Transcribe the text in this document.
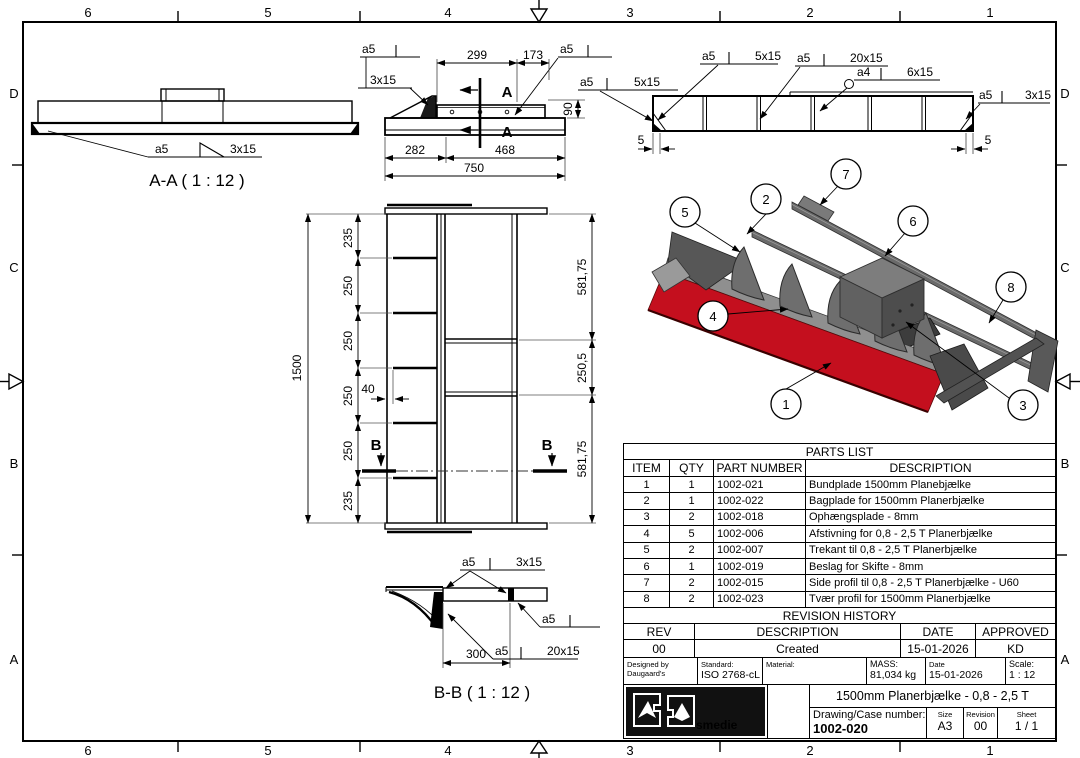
6	5	4	3	2	1
6	5	4	3	2	1
D
C
B
A
D
C
B
A
a5	3x15
A-A ( 1 : 12 )
A
A
a5
3x15
a5
299	173
282	468
750
90
a5	5x15
a5	5x15 a5	20x15
a4	6x15
a5	3x15
5	5
1500
235
250
250
250
250
235
581,75
250,5
581,75
40
B	B
300
a5	3x15
a5
a5	20x15
B-B ( 1 : 12 )
1
2
3
4
5
6
7
8
PARTS LIST
ITEM	QTY	PART NUMBER	DESCRIPTION
1	1	1002-021	Bundplade 1500mm Planebjælke
2	1	1002-022	Bagplade for 1500mm Planerbjælke
3	2	1002-018	Ophængsplade - 8mm
4	5	1002-006	Afstivning for 0,8 - 2,5 T Planerbjælke
5	2	1002-007	Trekant til 0,8 - 2,5 T Planerbjælke
6	1	1002-019	Beslag for Skifte - 8mm
7	2	1002-015	Side profil til 0,8 - 2,5 T Planerbjælke - U60
8	2	1002-023	Tvær profil for 1500mm Planerbjælke
REVISION HISTORY
REV	DESCRIPTION	DATE	APPROVED
00	Created	15-01-2026	KD
Designed by
Daugaard's
Standard:
ISO 2768-cL
Material:	MASS:
81,034 kg
Date
15-01-2026
Scale:
1 : 12
smedie
1500mm Planerbjælke - 0,8 - 2,5 T
Drawing/Case number:
1002-020
Size
A3
Revision
00
Sheet
1 / 1
